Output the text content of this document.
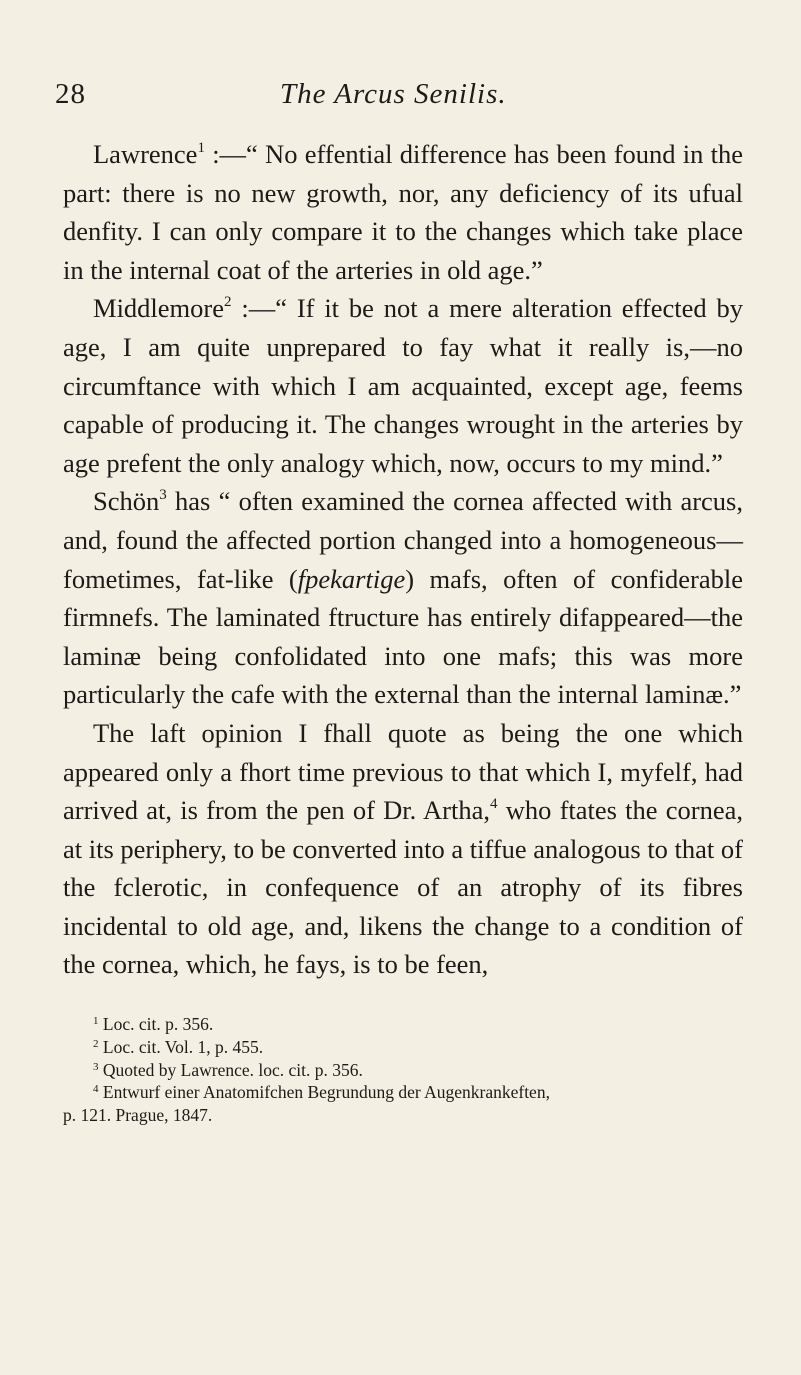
28	The Arcus Senilis.

Lawrence$^1$ :—“ No effential difference has been found in the part: there is no new growth, nor, any deficiency of its ufual denfity. I can only compare it to the changes which take place in the internal coat of the arteries in old age.”

Middlemore$^2$ :—“ If it be not a mere alteration effected by age, I am quite unprepared to fay what it really is,—no circumftance with which I am acquainted, except age, feems capable of producing it. The changes wrought in the arteries by age prefent the only analogy which, now, occurs to my mind.”

Schön$^3$ has “ often examined the cornea affected with arcus, and, found the affected portion changed into a homogeneous—fometimes, fat-like (fpekartige) mafs, often of confiderable firmnefs. The laminated ftructure has entirely difappeared—the laminæ being confolidated into one mafs; this was more particularly the cafe with the external than the internal laminæ.”

The laft opinion I fhall quote as being the one which appeared only a fhort time previous to that which I, myfelf, had arrived at, is from the pen of Dr. Artha,$^4$ who ftates the cornea, at its periphery, to be converted into a tiffue analogous to that of the fclerotic, in confequence of an atrophy of its fibres incidental to old age, and, likens the change to a condition of the cornea, which, he fays, is to be feen,

$^1$ Loc. cit. p. 356.

$^2$ Loc. cit. Vol. 1, p. 455.

$^3$ Quoted by Lawrence. loc. cit. p. 356.

$^4$ Entwurf einer Anatomifchen Begrundung der Augenkrankeften,

p. 121. Prague, 1847.
